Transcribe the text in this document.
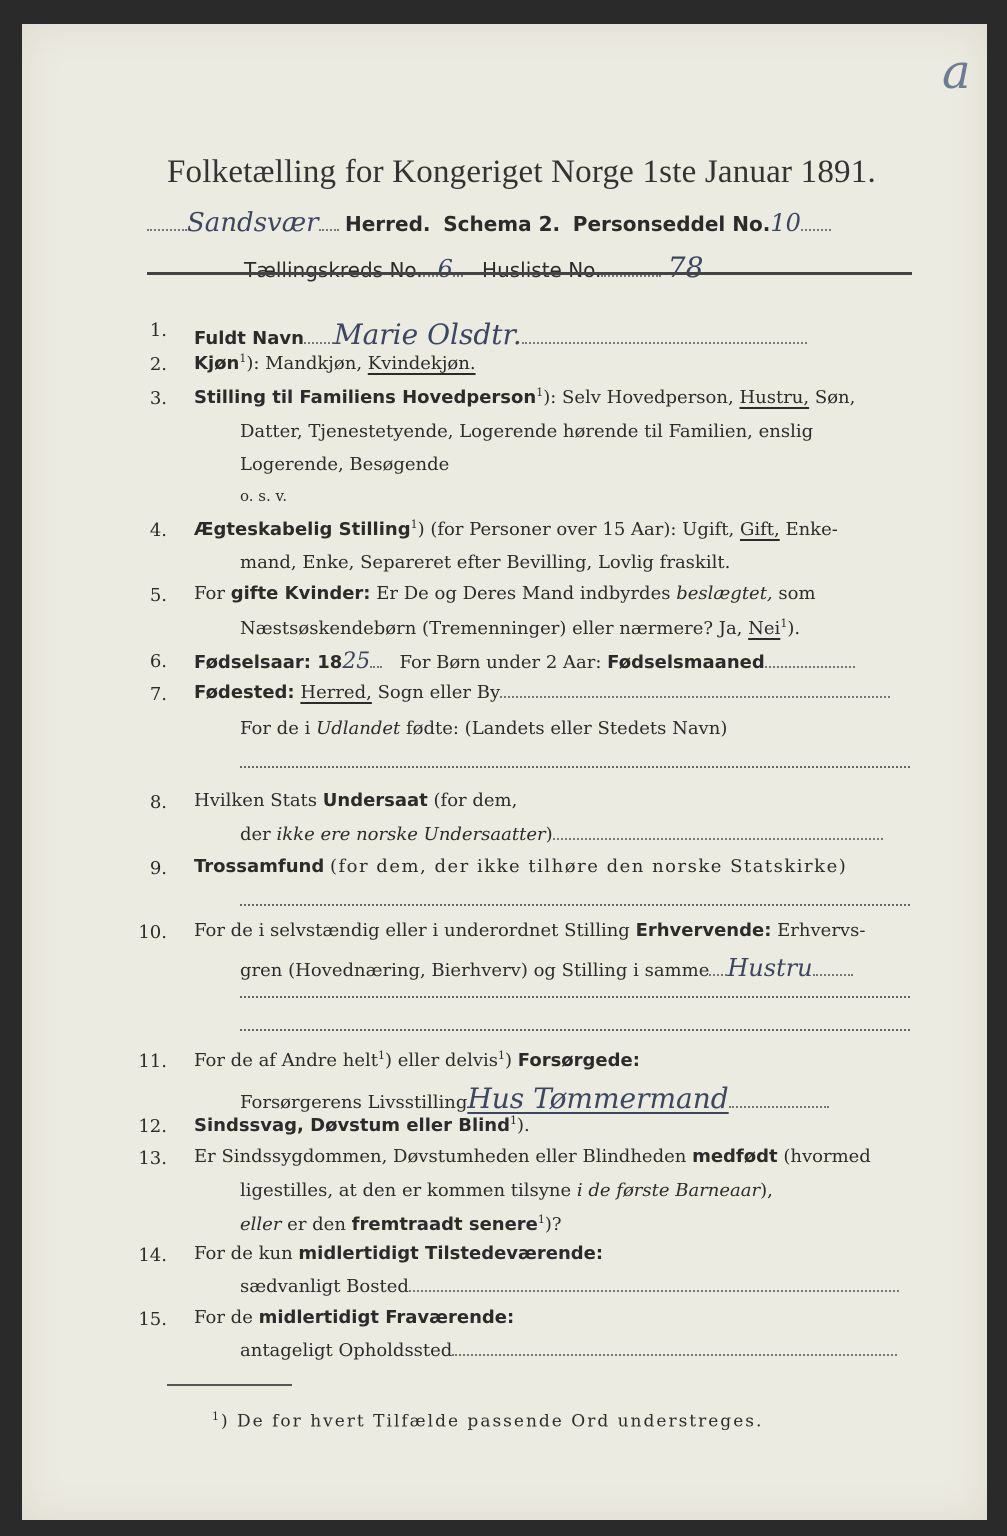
a
Folketælling for Kongeriget Norge 1ste Januar 1891.
Sandsvær Herred. Schema 2. Personseddel No.10
Tællingskreds No. 6 Husliste No. 78
1. Fuldt Navn Marie Olsdtr.
2. Kjøn$^1$): Mandkjøn, Kvindekjøn.
3. Stilling til Familiens Hovedperson$^1$): Selv Hovedperson, Hustru, Søn,
Datter, Tjenestetyende, Logerende hørende til Familien, enslig
Logerende, Besøgende
o. s. v.
4. Ægteskabelig Stilling$^1$) (for Personer over 15 Aar): Ugift, Gift, Enke-
mand, Enke, Separeret efter Bevilling, Lovlig fraskilt.
5. For gifte Kvinder: Er De og Deres Mand indbyrdes beslægtet, som
Næstsøskendebørn (Tremenninger) eller nærmere? Ja, Nei$^1$).
6. Fødselsaar: 1825 For Børn under 2 Aar: Fødselsmaaned
7. Fødested: Herred, Sogn eller By
For de i Udlandet fødte: (Landets eller Stedets Navn)
8. Hvilken Stats Undersaat (for dem,
der ikke ere norske Undersaatter)
9. Trossamfund (for dem, der ikke tilhøre den norske Statskirke)
10. For de i selvstændig eller i underordnet Stilling Erhvervende: Erhvervs-
gren (Hovednæring, Bierhverv) og Stilling i samme Hustru
11. For de af Andre helt$^1$) eller delvis$^1$) Forsørgede:
Forsørgerens LivsstillingHus Tømmermand
12. Sindssvag, Døvstum eller Blind$^1$).
13. Er Sindssygdommen, Døvstumheden eller Blindheden medfødt (hvormed
ligestilles, at den er kommen tilsyne i de første Barneaar),
eller er den fremtraadt senere$^1$)?
14. For de kun midlertidigt Tilstedeværende:
sædvanligt Bosted
15. For de midlertidigt Fraværende:
antageligt Opholdssted
$^1$) De for hvert Tilfælde passende Ord understreges.
